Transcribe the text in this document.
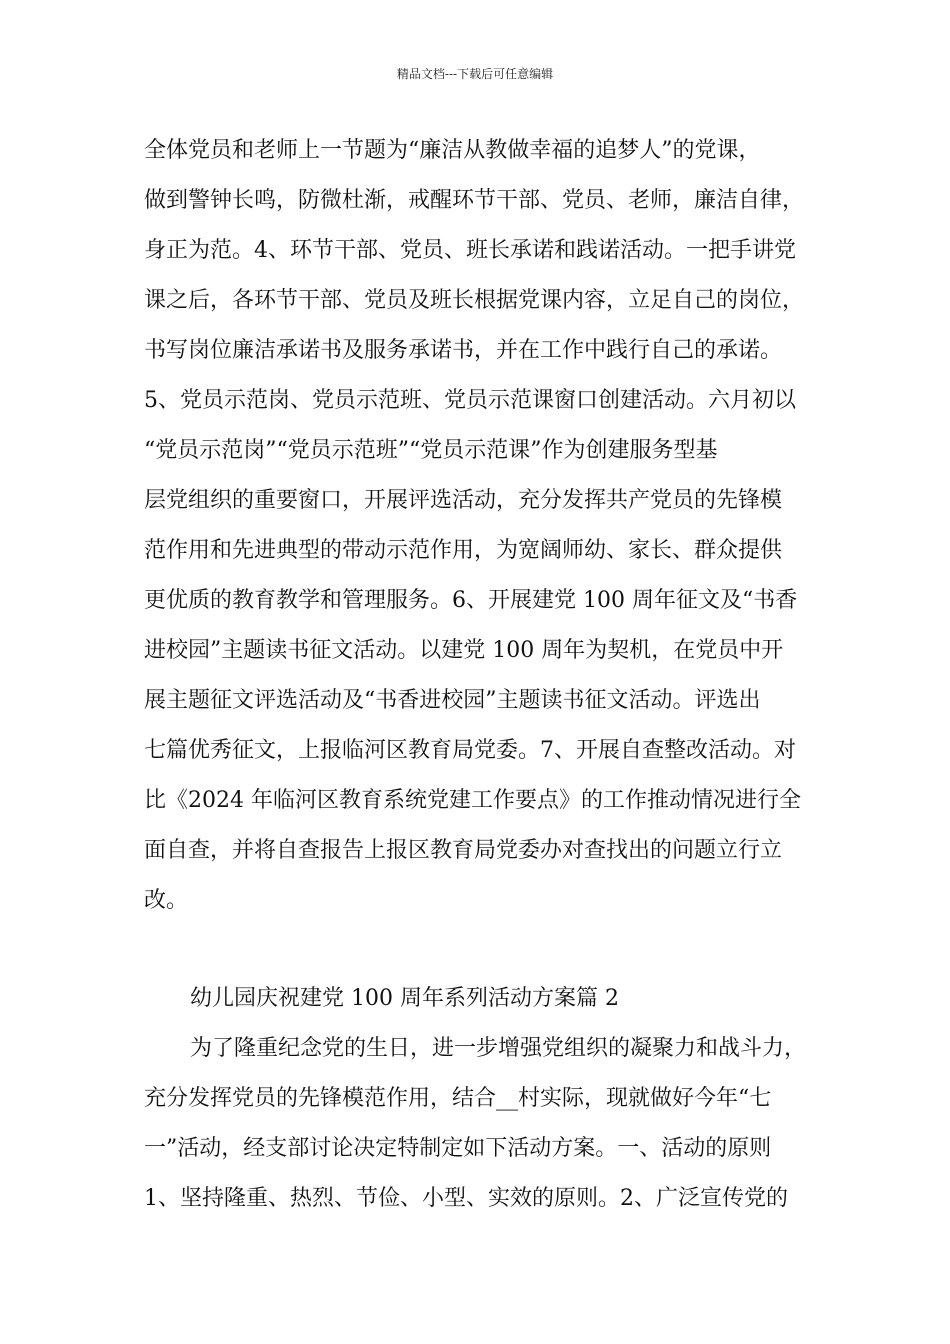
精品文档---下载后可任意编辑
全体党员和老师上一节题为“廉洁从教做幸福的追梦人”的党课，
做到警钟长鸣，防微杜渐，戒醒环节干部、党员、老师，廉洁自律，
身正为范。4、环节干部、党员、班长承诺和践诺活动。一把手讲党
课之后，各环节干部、党员及班长根据党课内容，立足自己的岗位，
书写岗位廉洁承诺书及服务承诺书，并在工作中践行自己的承诺。
5、党员示范岗、党员示范班、党员示范课窗口创建活动。六月初以
“党员示范岗”“党员示范班”“党员示范课”作为创建服务型基
层党组织的重要窗口，开展评选活动，充分发挥共产党员的先锋模
范作用和先进典型的带动示范作用，为宽阔师幼、家长、群众提供
更优质的教育教学和管理服务。6、开展建党 100 周年征文及“书香
进校园”主题读书征文活动。以建党 100 周年为契机，在党员中开
展主题征文评选活动及“书香进校园”主题读书征文活动。评选出
七篇优秀征文，上报临河区教育局党委。7、开展自查整改活动。对
比《2024 年临河区教育系统党建工作要点》的工作推动情况进行全
面自查，并将自查报告上报区教育局党委办对查找出的问题立行立
改。
幼儿园庆祝建党 100 周年系列活动方案篇 2
为了隆重纪念党的生日，进一步增强党组织的凝聚力和战斗力，
充分发挥党员的先锋模范作用，结合__村实际，现就做好今年“七
一”活动，经支部讨论决定特制定如下活动方案。一、活动的原则
1、坚持隆重、热烈、节俭、小型、实效的原则。2、广泛宣传党的
